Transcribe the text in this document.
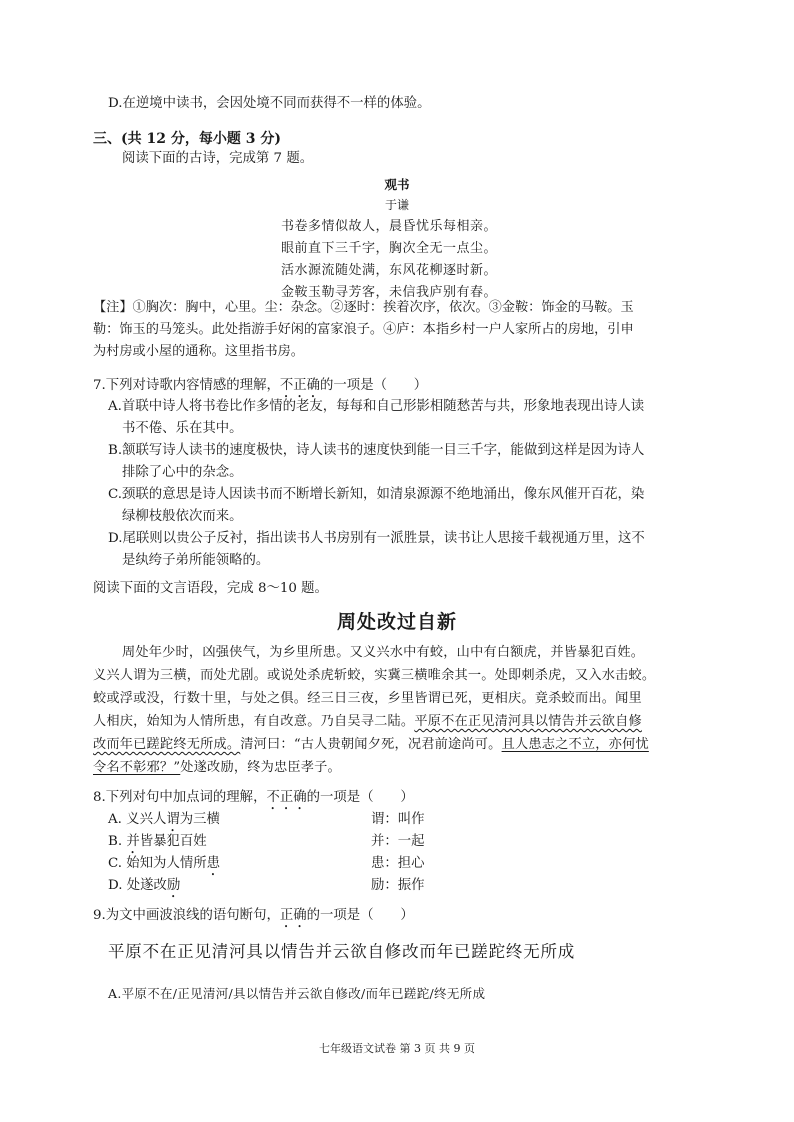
D.在逆境中读书，会因处境不同而获得不一样的体验。
三、(共 12 分，每小题 3 分)
阅读下面的古诗，完成第 7 题。
观书
于谦
书卷多情似故人，晨昏忧乐每相亲。
眼前直下三千字，胸次全无一点尘。
活水源流随处满，东风花柳逐时新。
金鞍玉勒寻芳客，未信我庐别有春。
【注】①胸次：胸中，心里。尘：杂念。②逐时：挨着次序，依次。③金鞍：饰金的马鞍。玉
勒：饰玉的马笼头。此处指游手好闲的富家浪子。④庐：本指乡村一户人家所占的房地，引申
为村房或小屋的通称。这里指书房。
7.下列对诗歌内容情感的理解，不正确的一项是（　　）
A.首联中诗人将书卷比作多情的老友，每每和自己形影相随愁苦与共，形象地表现出诗人读
书不倦、乐在其中。
B.颔联写诗人读书的速度极快，诗人读书的速度快到能一目三千字，能做到这样是因为诗人
排除了心中的杂念。
C.颈联的意思是诗人因读书而不断增长新知，如清泉源源不绝地涌出，像东风催开百花，染
绿柳枝般依次而来。
D.尾联则以贵公子反衬，指出读书人书房别有一派胜景，读书让人思接千载视通万里，这不
是纨绔子弟所能领略的。
阅读下面的文言语段，完成 8～10 题。
周处改过自新
周处年少时，凶强侠气，为乡里所患。又义兴水中有蛟，山中有白额虎，并皆暴犯百姓。
义兴人谓为三横，而处尤剧。或说处杀虎斩蛟，实冀三横唯余其一。处即刺杀虎，又入水击蛟。
蛟或浮或没，行数十里，与处之俱。经三日三夜，乡里皆谓已死，更相庆。竟杀蛟而出。闻里
人相庆，始知为人情所患，有自改意。乃自吴寻二陆。平原不在正见清河具以情告并云欲自修
改而年已蹉跎终无所成。清河曰：“古人贵朝闻夕死，况君前途尚可。且人患志之不立，亦何忧
令名不彰邪？”处遂改励，终为忠臣孝子。
8.下列对句中加点词的理解，不正确的一项是（　　）
A. 义兴人谓为三横	谓：叫作
B. 并皆暴犯百姓	并：一起
C. 始知为人情所患	患：担心
D. 处遂改励	励：振作
9.为文中画波浪线的语句断句，正确的一项是（　　）
平原不在正见清河具以情告并云欲自修改而年已蹉跎终无所成
A.平原不在/正见清河/具以情告并云欲自修改/而年已蹉跎/终无所成
七年级语文试卷 第 3 页 共 9 页
